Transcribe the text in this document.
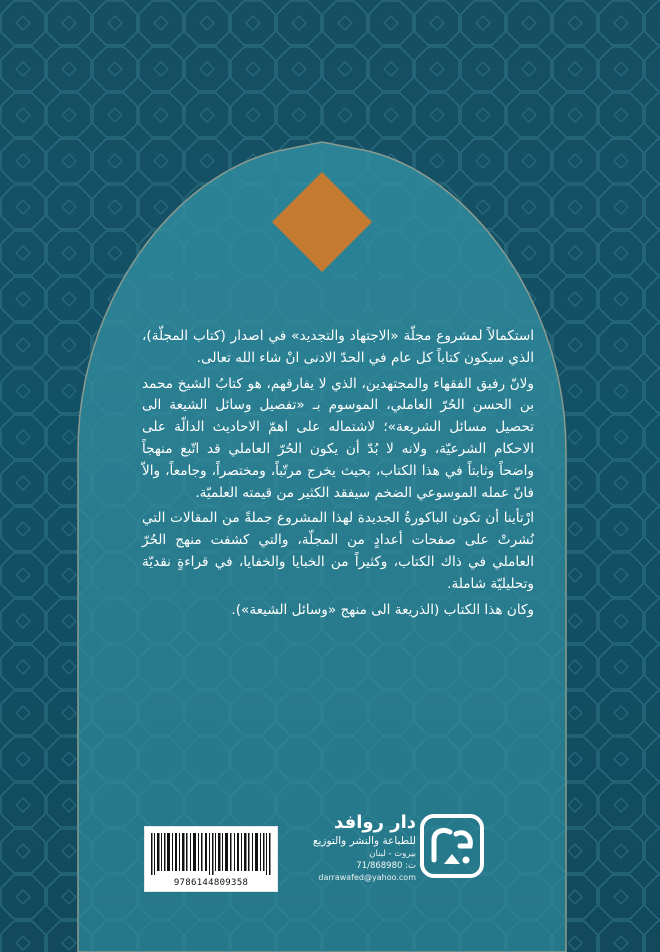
استكمالاً لمشروع مجلّة «الاجتهاد والتجديد» في اصدار (كتاب المجلّة)، الذي سيكون كتاباً كل عام في الحدّ الادنى انْ شاء الله تعالى.

ولانّ رفيق الفقهاء والمجتهدين، الذي لا يفارقهم، هو كتابُ الشيخ محمد بن الحسن الحُرّ العاملي، الموسوم بـ «تفصيل وسائل الشيعة الى تحصيل مسائل الشريعة»؛ لاشتماله على اهمّ الاحاديث الدالّة على الاحكام الشرعيّة، ولانه لا بُدّ أن يكون الحُرّ العاملي قد اتّبع منهجاً واضحاً وثابتاً في هذا الكتاب، بحيث يخرج مرتّباً، ومختصراً، وجامعاً، والاّ فانّ عمله الموسوعي الضخم سيفقد الكثير من قيمته العلميّة.

ارْتأينا أن تكون الباكورةُ الجديدة لهذا المشروع جملةً من المقالات التي نُشرتْ على صفحات أعدادٍ من المجلّة، والتي كشفت منهج الحُرّ العاملي في ذاك الكتاب، وكثيراً من الخبايا والخفايا، في قراءةٍ نقديّة وتحليليّة شاملة.

وكان هذا الكتاب (الذريعة الى منهج «وسائل الشيعة»).

9786144809358
دار روافد
للطباعة والنشر والتوزيع
بيروت - لبنان
ت: 71/868980
darrawafed@yahoo.com
